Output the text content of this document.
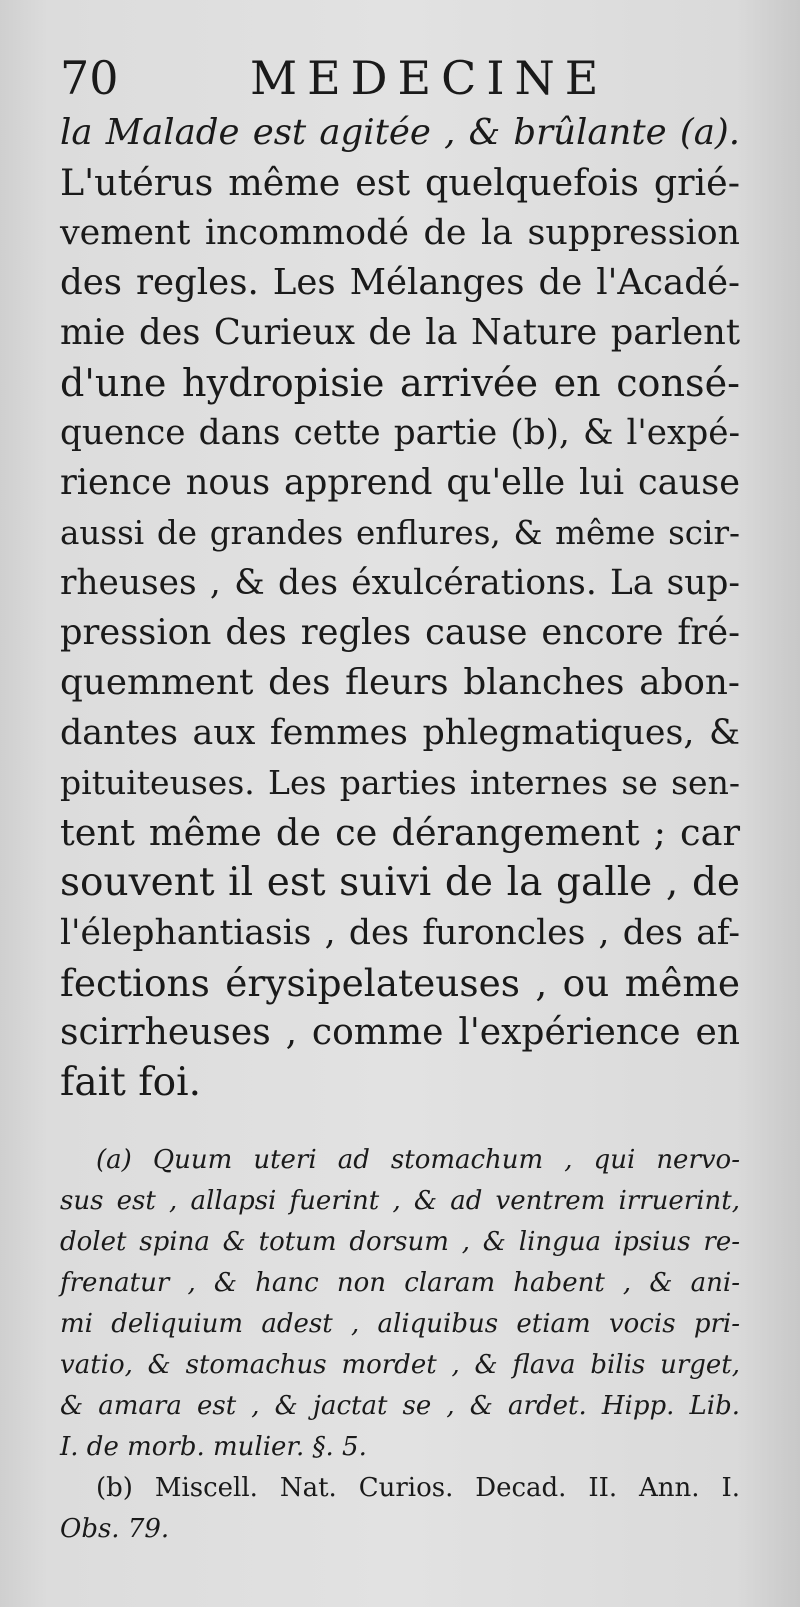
70	MEDECINE
la Malade est agitée , & brûlante (a).
L'utérus même est quelquefois grié-
vement incommodé de la suppression
des regles. Les Mélanges de l'Acadé-
mie des Curieux de la Nature parlent
d'une hydropisie arrivée en consé-
quence dans cette partie (b), & l'expé-
rience nous apprend qu'elle lui cause
aussi de grandes enflures, & même scir-
rheuses , & des éxulcérations. La sup-
pression des regles cause encore fré-
quemment des fleurs blanches abon-
dantes aux femmes phlegmatiques, &
pituiteuses. Les parties internes se sen-
tent même de ce dérangement ; car
souvent il est suivi de la galle , de
l'élephantiasis , des furoncles , des af-
fections érysipelateuses , ou même
scirrheuses , comme l'expérience en
fait foi.
(a) Quum uteri ad stomachum , qui nervo-
sus est , allapsi fuerint , & ad ventrem irruerint,
dolet spina & totum dorsum , & lingua ipsius re-
frenatur , & hanc non claram habent , & ani-
mi deliquium adest , aliquibus etiam vocis pri-
vatio, & stomachus mordet , & flava bilis urget,
& amara est , & jactat se , & ardet. Hipp. Lib.
I. de morb. mulier. §. 5.
(b) Miscell. Nat. Curios. Decad. II. Ann. I.
Obs. 79.
